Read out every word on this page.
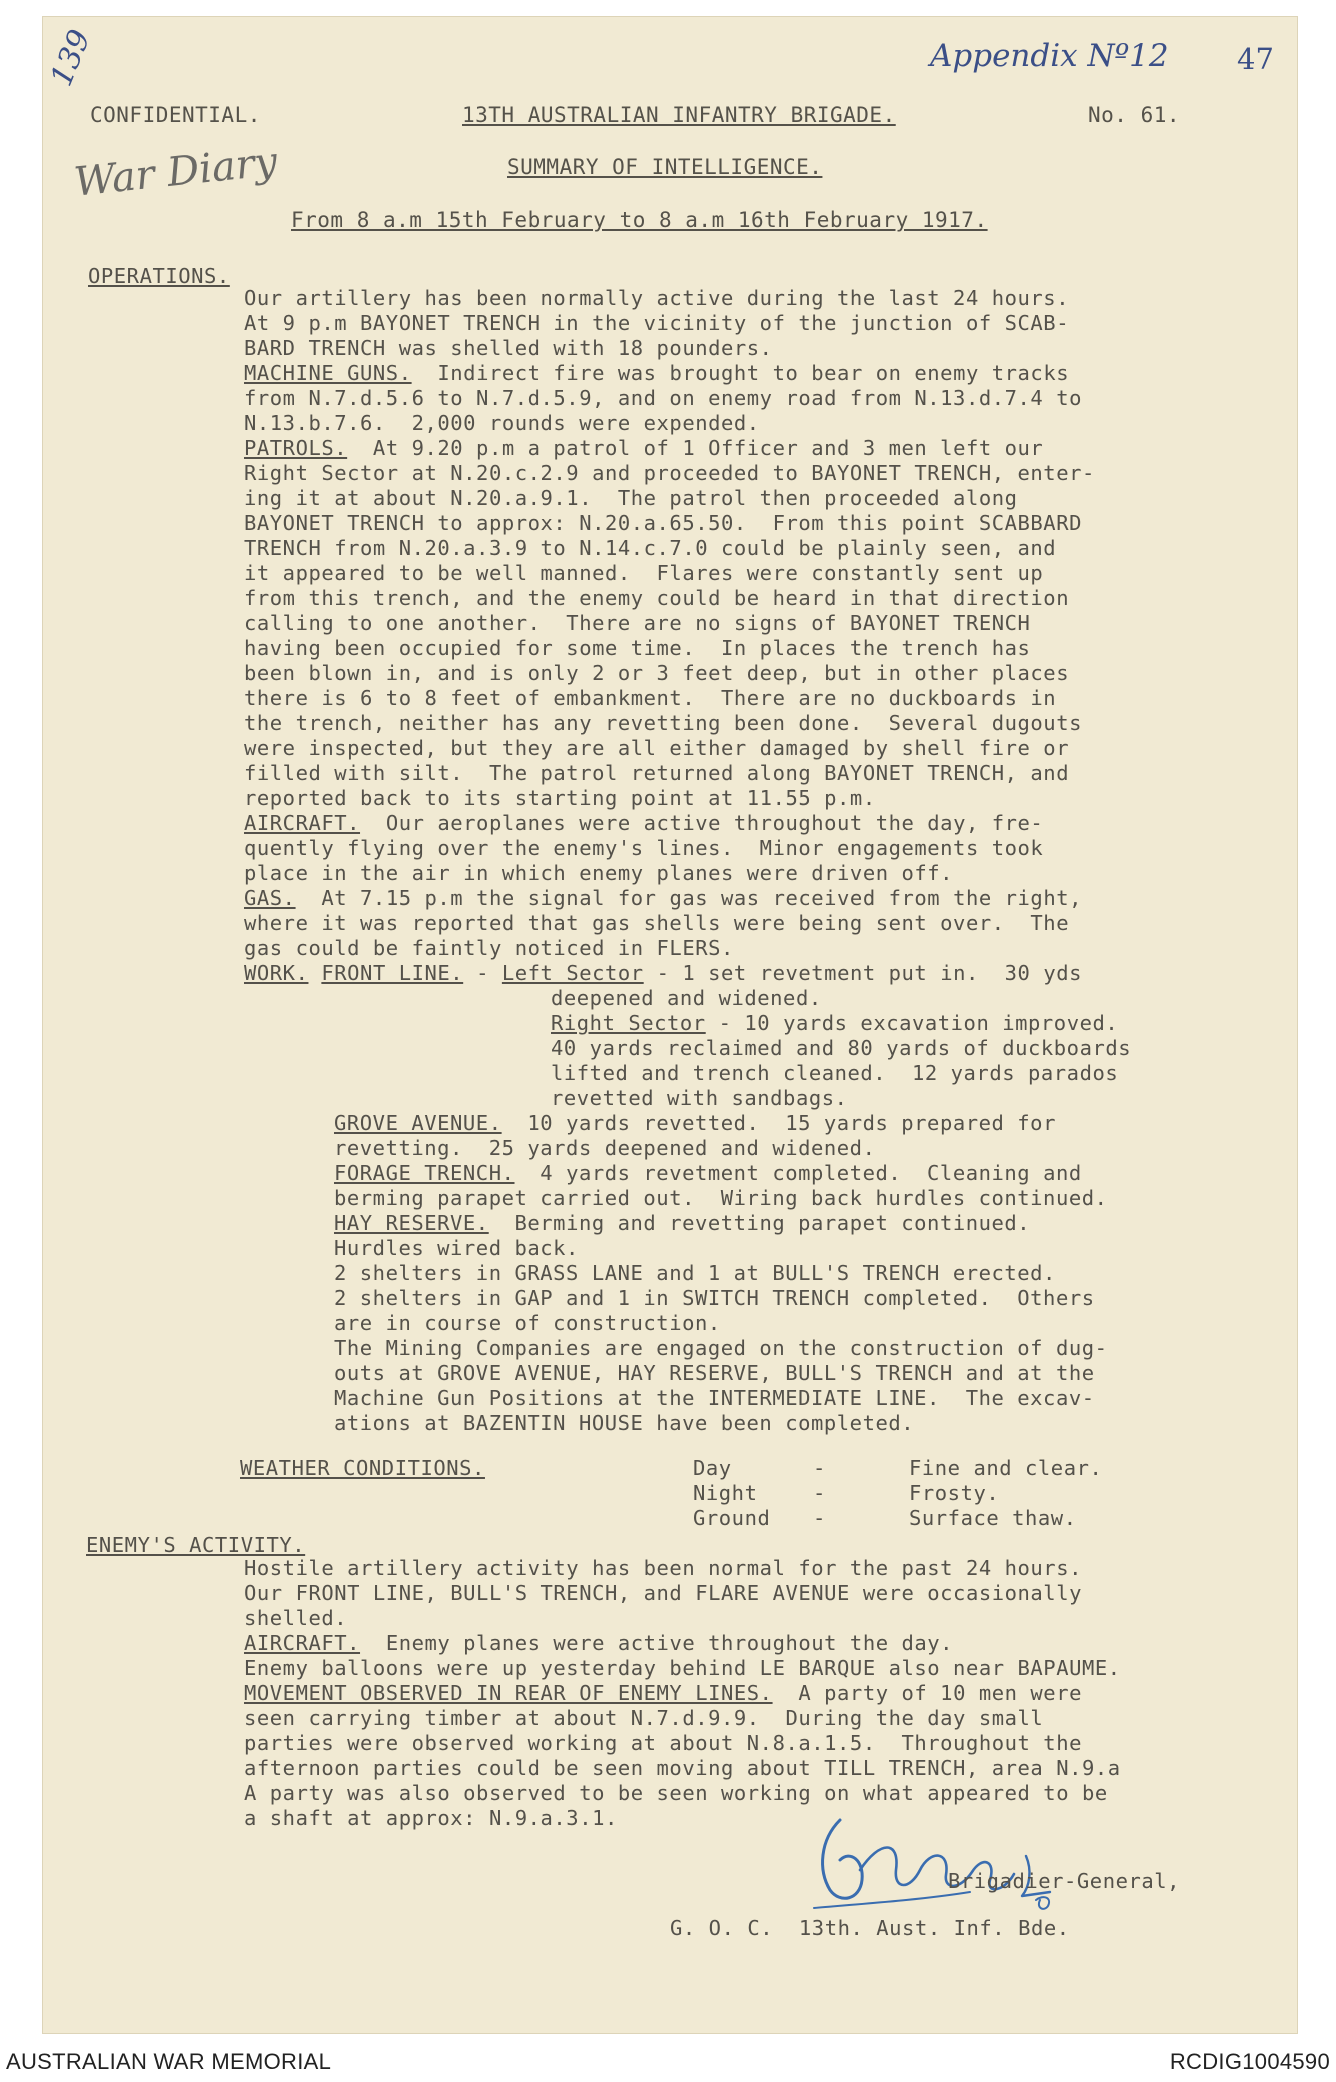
Appendix Nº12 47
139
War Diary
CONFIDENTIAL.	13TH AUSTRALIAN INFANTRY BRIGADE.	No. 61.
SUMMARY OF INTELLIGENCE.
From 8 a.m 15th February to 8 a.m 16th February 1917.
OPERATIONS.
Our artillery has been normally active during the last 24 hours.
At 9 p.m BAYONET TRENCH in the vicinity of the junction of SCAB-
BARD TRENCH was shelled with 18 pounders.
MACHINE GUNS.  Indirect fire was brought to bear on enemy tracks
from N.7.d.5.6 to N.7.d.5.9, and on enemy road from N.13.d.7.4 to
N.13.b.7.6.  2,000 rounds were expended.
PATROLS.  At 9.20 p.m a patrol of 1 Officer and 3 men left our
Right Sector at N.20.c.2.9 and proceeded to BAYONET TRENCH, enter-
ing it at about N.20.a.9.1.  The patrol then proceeded along
BAYONET TRENCH to approx: N.20.a.65.50.  From this point SCABBARD
TRENCH from N.20.a.3.9 to N.14.c.7.0 could be plainly seen, and
it appeared to be well manned.  Flares were constantly sent up
from this trench, and the enemy could be heard in that direction
calling to one another.  There are no signs of BAYONET TRENCH
having been occupied for some time.  In places the trench has
been blown in, and is only 2 or 3 feet deep, but in other places
there is 6 to 8 feet of embankment.  There are no duckboards in
the trench, neither has any revetting been done.  Several dugouts
were inspected, but they are all either damaged by shell fire or
filled with silt.  The patrol returned along BAYONET TRENCH, and
reported back to its starting point at 11.55 p.m.
AIRCRAFT.  Our aeroplanes were active throughout the day, fre-
quently flying over the enemy's lines.  Minor engagements took
place in the air in which enemy planes were driven off.
GAS.  At 7.15 p.m the signal for gas was received from the right,
where it was reported that gas shells were being sent over.  The
gas could be faintly noticed in FLERS.
WORK. FRONT LINE. - Left Sector - 1 set revetment put in.  30 yds
deepened and widened.
Right Sector - 10 yards excavation improved.
40 yards reclaimed and 80 yards of duckboards
lifted and trench cleaned.  12 yards parados
revetted with sandbags.
GROVE AVENUE.  10 yards revetted.  15 yards prepared for
revetting.  25 yards deepened and widened.
FORAGE TRENCH.  4 yards revetment completed.  Cleaning and
berming parapet carried out.  Wiring back hurdles continued.
HAY RESERVE.  Berming and revetting parapet continued.
Hurdles wired back.
2 shelters in GRASS LANE and 1 at BULL'S TRENCH erected.
2 shelters in GAP and 1 in SWITCH TRENCH completed.  Others
are in course of construction.
The Mining Companies are engaged on the construction of dug-
outs at GROVE AVENUE, HAY RESERVE, BULL'S TRENCH and at the
Machine Gun Positions at the INTERMEDIATE LINE.  The excav-
ations at BAZENTIN HOUSE have been completed.
WEATHER CONDITIONS.	Day	-	Fine and clear.
Night	-	Frosty.
Ground -	Surface thaw.
ENEMY'S ACTIVITY.
Hostile artillery activity has been normal for the past 24 hours.
Our FRONT LINE, BULL'S TRENCH, and FLARE AVENUE were occasionally
shelled.
AIRCRAFT.  Enemy planes were active throughout the day.
Enemy balloons were up yesterday behind LE BARQUE also near BAPAUME.
MOVEMENT OBSERVED IN REAR OF ENEMY LINES.  A party of 10 men were
seen carrying timber at about N.7.d.9.9.  During the day small
parties were observed working at about N.8.a.1.5.  Throughout the
afternoon parties could be seen moving about TILL TRENCH, area N.9.a
A party was also observed to be seen working on what appeared to be
a shaft at approx: N.9.a.3.1.
Brigadier-General,
G. O. C.  13th. Aust. Inf. Bde.
AUSTRALIAN WAR MEMORIAL	RCDIG1004590
